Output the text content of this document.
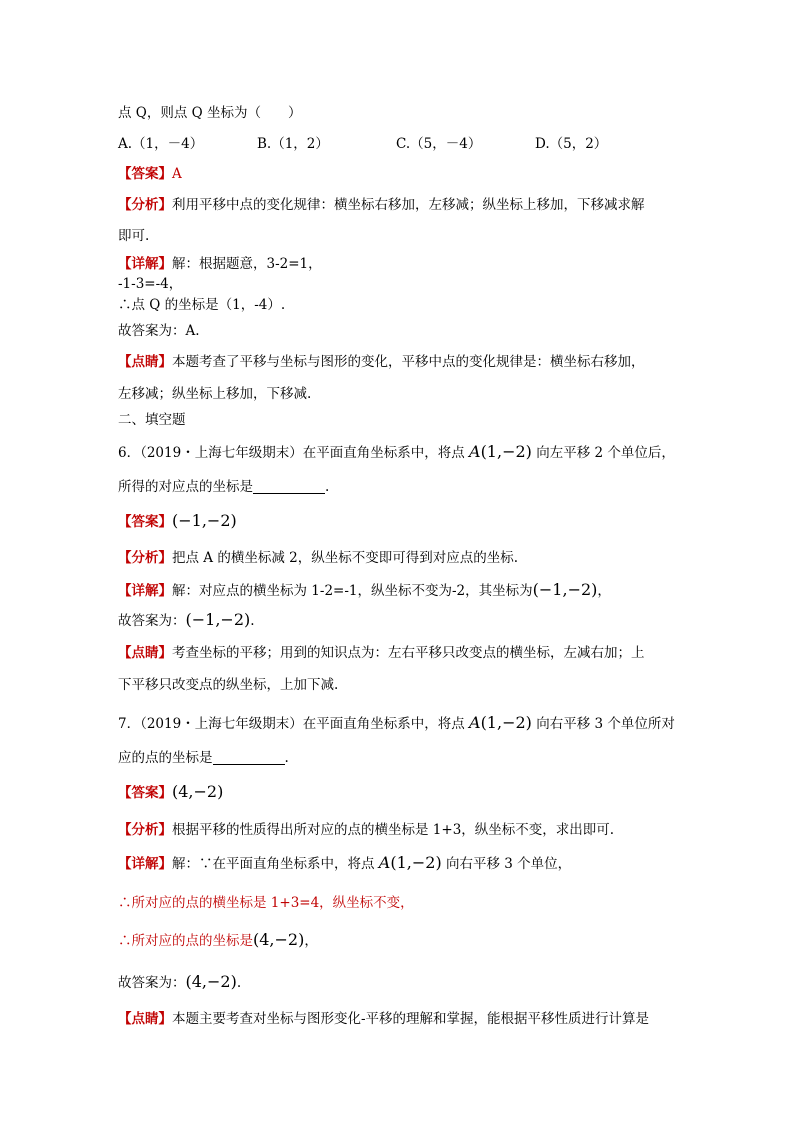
点 Q，则点 Q 坐标为（　　）
A.（1，－4）	B.（1，2）	C.（5，－4）	D.（5，2）
【答案】A
【分析】利用平移中点的变化规律：横坐标右移加，左移减；纵坐标上移加，下移减求解
即可.
【详解】解：根据题意，3-2=1，
-1-3=-4，
∴点 Q 的坐标是（1，-4）.
故答案为：A.
【点睛】本题考查了平移与坐标与图形的变化，平移中点的变化规律是：横坐标右移加，
左移减；纵坐标上移加，下移减.
二、填空题
6．（2019・上海七年级期末）在平面直角坐标系中，将点 A(1,−2) 向左平移 2 个单位后，
所得的对应点的坐标是	.
【答案】(−1,−2)
【分析】把点 A 的横坐标减 2，纵坐标不变即可得到对应点的坐标.
【详解】解：对应点的横坐标为 1-2=-1，纵坐标不变为-2，其坐标为(−1,−2)，
故答案为：(−1,−2).
【点睛】考查坐标的平移；用到的知识点为：左右平移只改变点的横坐标，左减右加；上
下平移只改变点的纵坐标，上加下减.
7．（2019・上海七年级期末）在平面直角坐标系中，将点 A(1,−2) 向右平移 3 个单位所对
应的点的坐标是	.
【答案】(4,−2)
【分析】根据平移的性质得出所对应的点的横坐标是 1+3，纵坐标不变，求出即可.
【详解】解：∵在平面直角坐标系中，将点 A(1,−2) 向右平移 3 个单位，
∴所对应的点的横坐标是 1+3=4，纵坐标不变，
∴所对应的点的坐标是(4,−2)，
故答案为：(4,−2).
【点睛】本题主要考查对坐标与图形变化-平移的理解和掌握，能根据平移性质进行计算是
